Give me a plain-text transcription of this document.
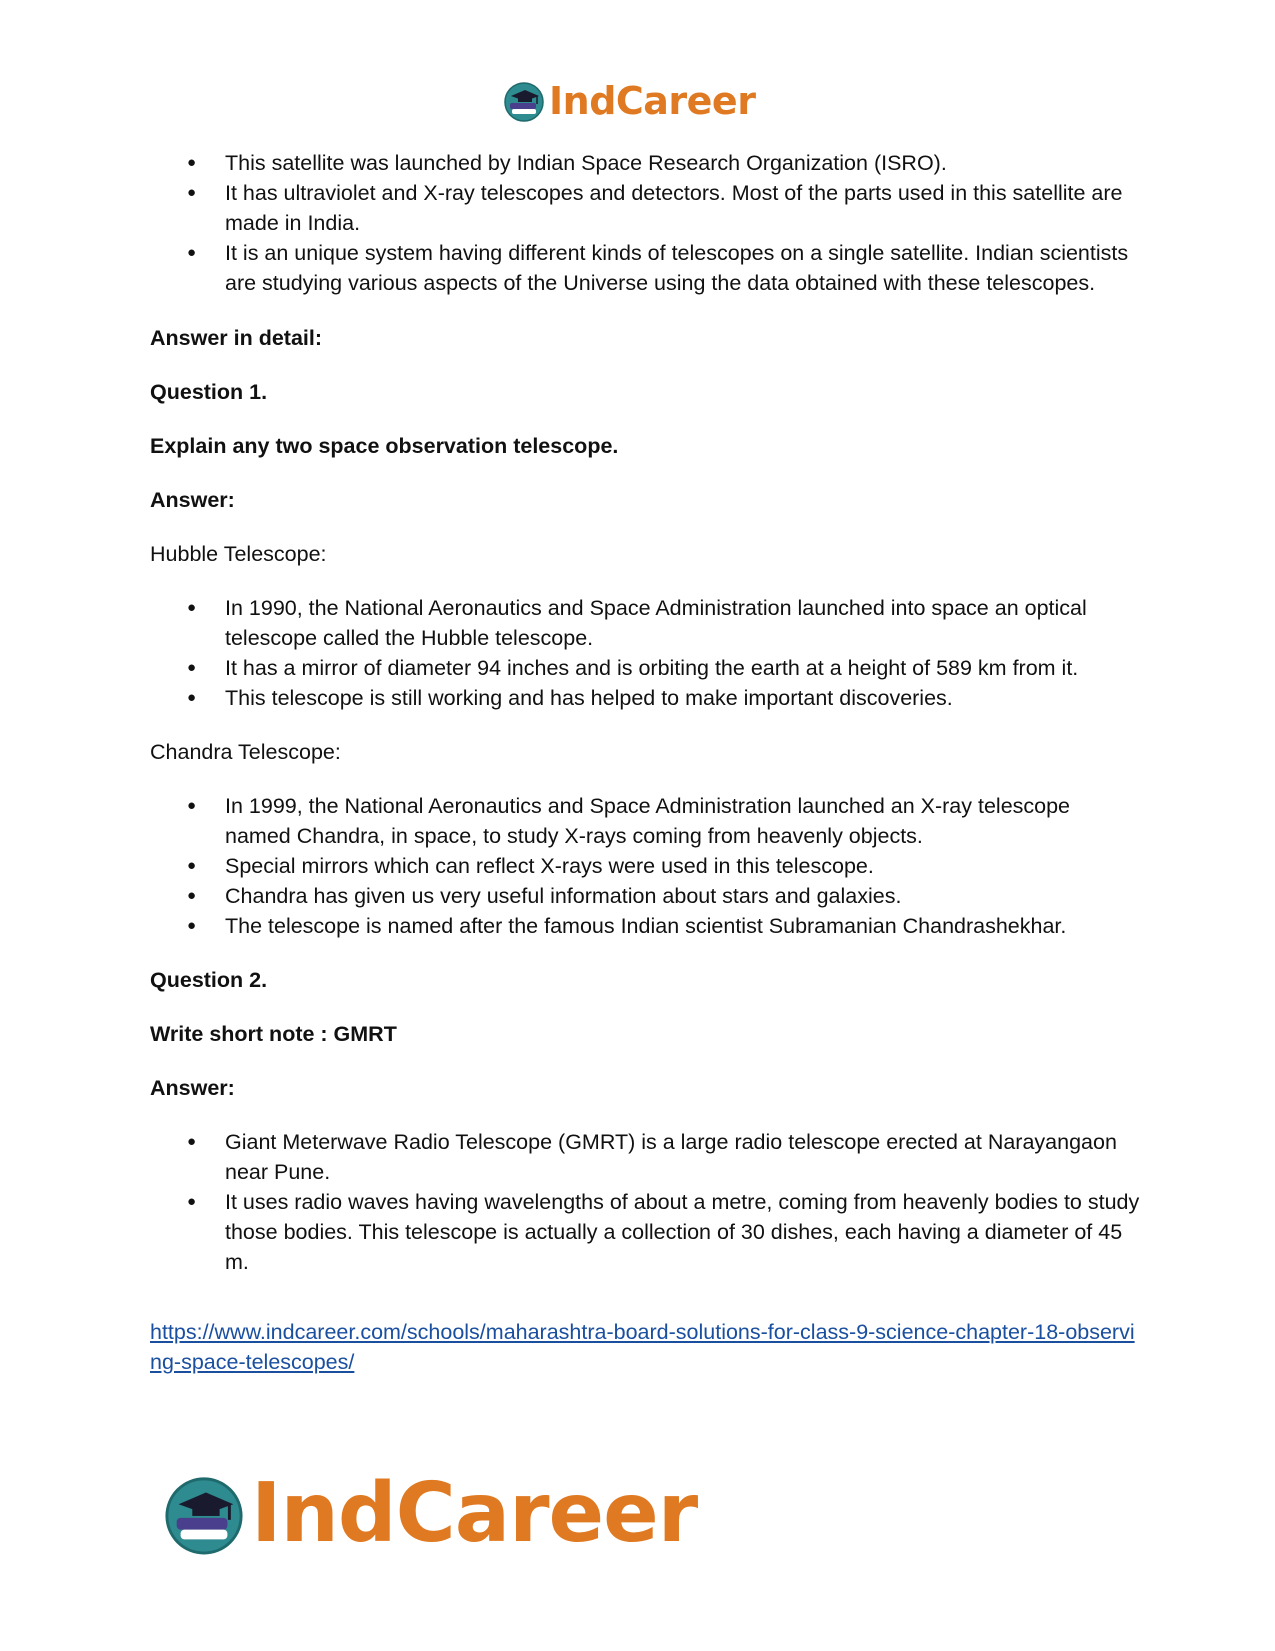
IndCareer
● This satellite was launched by Indian Space Research Organization (ISRO).
● It has ultraviolet and X-ray telescopes and detectors. Most of the parts used in this satellite are made in India.
● It is an unique system having different kinds of telescopes on a single satellite. Indian scientists are studying various aspects of the Universe using the data obtained with these telescopes.
Answer in detail:
Question 1.
Explain any two space observation telescope.
Answer:
Hubble Telescope:
● In 1990, the National Aeronautics and Space Administration launched into space an optical telescope called the Hubble telescope.
● It has a mirror of diameter 94 inches and is orbiting the earth at a height of 589 km from it.
● This telescope is still working and has helped to make important discoveries.
Chandra Telescope:
● In 1999, the National Aeronautics and Space Administration launched an X-ray telescope named Chandra, in space, to study X-rays coming from heavenly objects.
● Special mirrors which can reflect X-rays were used in this telescope.
● Chandra has given us very useful information about stars and galaxies.
● The telescope is named after the famous Indian scientist Subramanian Chandrashekhar.
Question 2.
Write short note : GMRT
Answer:
● Giant Meterwave Radio Telescope (GMRT) is a large radio telescope erected at Narayangaon near Pune.
● It uses radio waves having wavelengths of about a metre, coming from heavenly bodies to study those bodies. This telescope is actually a collection of 30 dishes, each having a diameter of 45 m.
https://www.indcareer.com/schools/maharashtra-board-solutions-for-class-9-science-chapter-18-observing-space-telescopes/
IndCareer
